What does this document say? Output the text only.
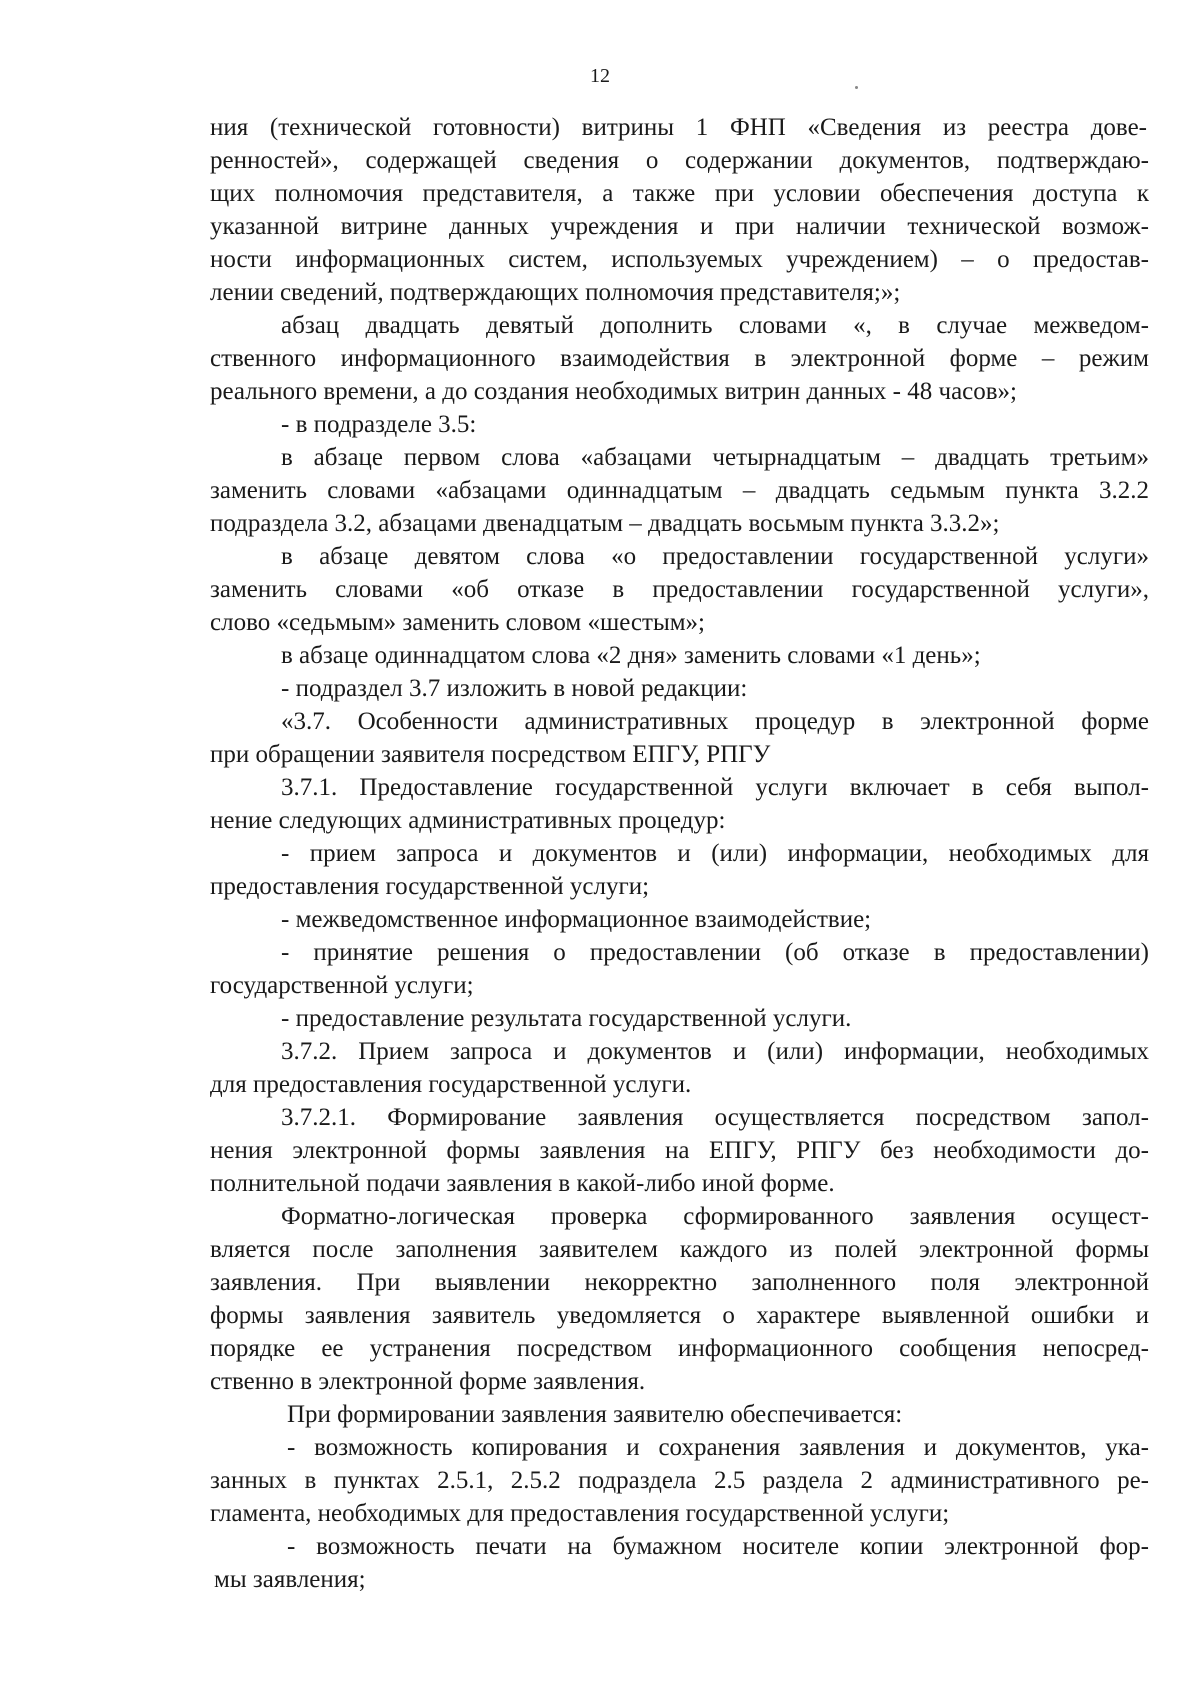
12
ния (технической готовности) витрины 1 ФНП «Сведения из реестра дове-
ренностей», содержащей сведения о содержании документов, подтверждаю-
щих полномочия представителя, а также при условии обеспечения доступа к
указанной витрине данных учреждения и при наличии технической возмож-
ности информационных систем, используемых учреждением) – о предостав-
лении сведений, подтверждающих полномочия представителя;»;
абзац двадцать девятый дополнить словами «, в случае межведом-
ственного информационного взаимодействия в электронной форме – режим
реального времени, а до создания необходимых витрин данных - 48 часов»;
- в подразделе 3.5:
в абзаце первом слова «абзацами четырнадцатым – двадцать третьим»
заменить словами «абзацами одиннадцатым – двадцать седьмым пункта 3.2.2
подраздела 3.2, абзацами двенадцатым – двадцать восьмым пункта 3.3.2»;
в абзаце девятом слова «о предоставлении государственной услуги»
заменить словами «об отказе в предоставлении государственной услуги»,
слово «седьмым» заменить словом «шестым»;
в абзаце одиннадцатом слова «2 дня» заменить словами «1 день»;
- подраздел 3.7 изложить в новой редакции:
«3.7. Особенности административных процедур в электронной форме
при обращении заявителя посредством ЕПГУ, РПГУ
3.7.1. Предоставление государственной услуги включает в себя выпол-
нение следующих административных процедур:
- прием запроса и документов и (или) информации, необходимых для
предоставления государственной услуги;
- межведомственное информационное взаимодействие;
- принятие решения о предоставлении (об отказе в предоставлении)
государственной услуги;
- предоставление результата государственной услуги.
3.7.2. Прием запроса и документов и (или) информации, необходимых
для предоставления государственной услуги.
3.7.2.1. Формирование заявления осуществляется посредством запол-
нения электронной формы заявления на ЕПГУ, РПГУ без необходимости до-
полнительной подачи заявления в какой-либо иной форме.
Форматно-логическая проверка сформированного заявления осущест-
вляется после заполнения заявителем каждого из полей электронной формы
заявления. При выявлении некорректно заполненного поля электронной
формы заявления заявитель уведомляется о характере выявленной ошибки и
порядке ее устранения посредством информационного сообщения непосред-
ственно в электронной форме заявления.
При формировании заявления заявителю обеспечивается:
- возможность копирования и сохранения заявления и документов, ука-
занных в пунктах 2.5.1, 2.5.2 подраздела 2.5 раздела 2 административного ре-
гламента, необходимых для предоставления государственной услуги;
- возможность печати на бумажном носителе копии электронной фор-
мы заявления;
